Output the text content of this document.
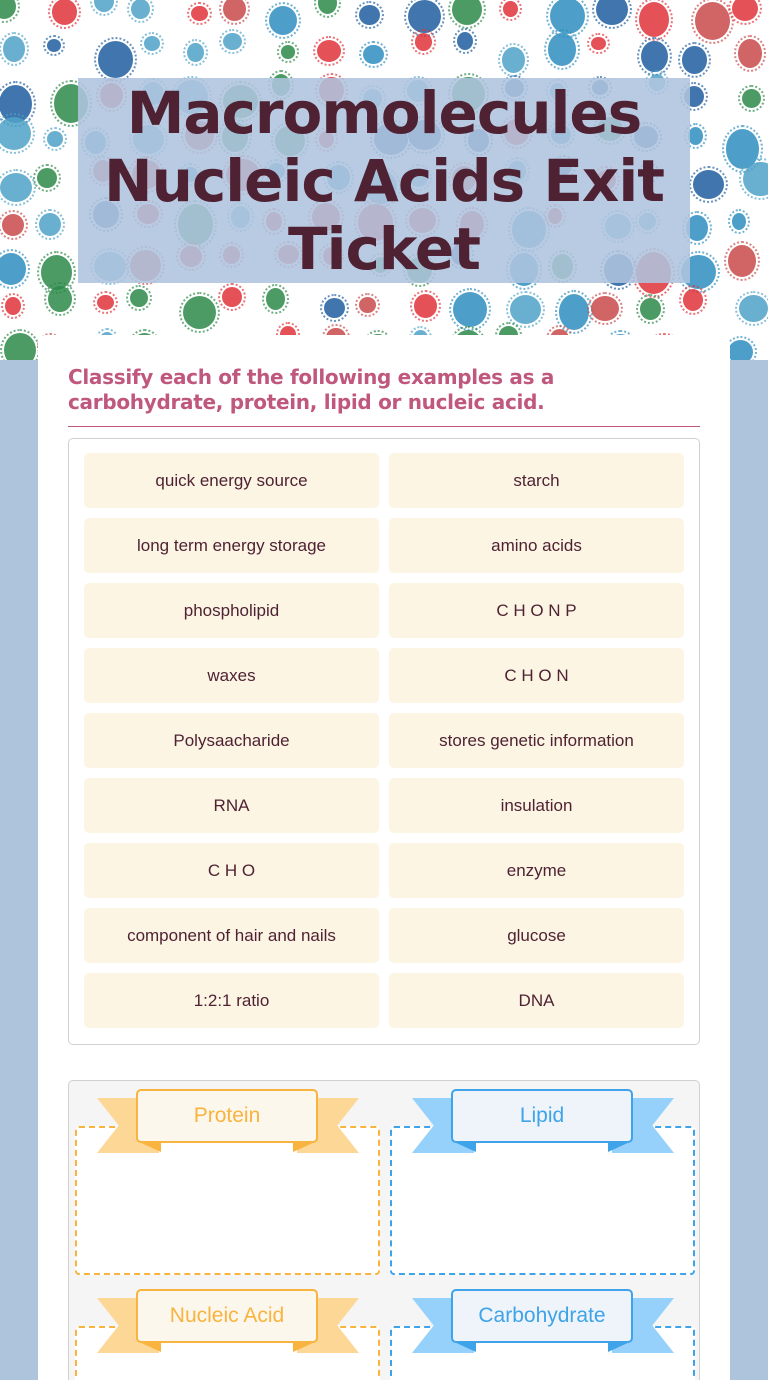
Macromolecules Nucleic Acids Exit Ticket
Classify each of the following examples as a carbohydrate, protein, lipid or nucleic acid.
quick energy source	starch
long term energy storage	amino acids
phospholipid	C H O N P
waxes	C H O N
Polysaacharide	stores genetic information
RNA	insulation
C H O	enzyme
component of hair and nails	glucose
1:2:1 ratio	DNA
Protein	Lipid
Nucleic Acid	Carbohydrate
